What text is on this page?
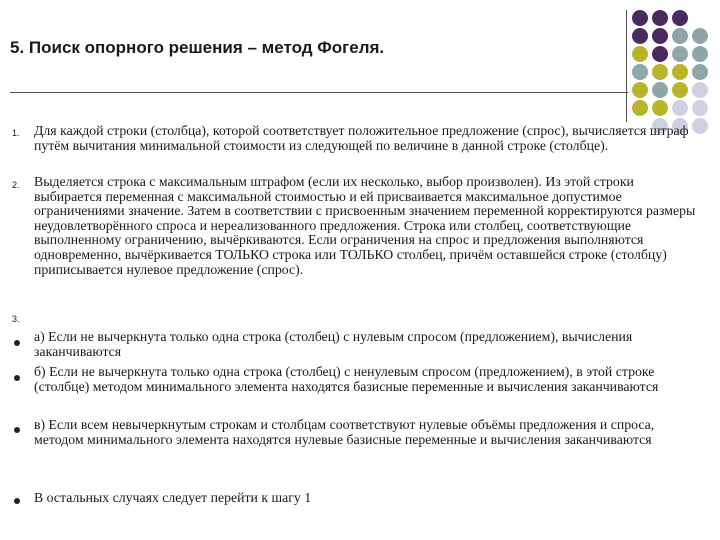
5. Поиск опорного решения – метод Фогеля.
1. Для каждой строки (столбца), которой соответствует положительное предложение (спрос), вычисляется штраф путём вычитания минимальной стоимости из следующей по величине в данной строке (столбце).
2. Выделяется строка с максимальным штрафом (если их несколько, выбор произволен). Из этой строки выбирается переменная с максимальной стоимостью и ей присваивается максимальное допустимое ограничениями значение. Затем в соответствии с присвоенным значением переменной корректируются размеры неудовлетворённого спроса и нереализованного предложения. Строка или столбец, соответствующие выполненному ограничению, вычёркиваются. Если ограничения на спрос и предложения выполняются одновременно, вычёркивается ТОЛЬКО строка или ТОЛЬКО столбец, причём оставшейся строке (столбцу) приписывается нулевое предложение (спрос).
3.
а) Если не вычеркнута только одна строка (столбец) с нулевым спросом (предложением), вычисления заканчиваются
б) Если не вычеркнута только одна строка (столбец) с ненулевым спросом (предложением), в этой строке (столбце) методом минимального элемента находятся базисные переменные и вычисления заканчиваются
в) Если всем невычеркнутым строкам и столбцам соответствуют нулевые объёмы предложения и спроса, методом минимального элемента находятся нулевые базисные переменные и вычисления заканчиваются
В остальных случаях следует перейти к шагу 1
